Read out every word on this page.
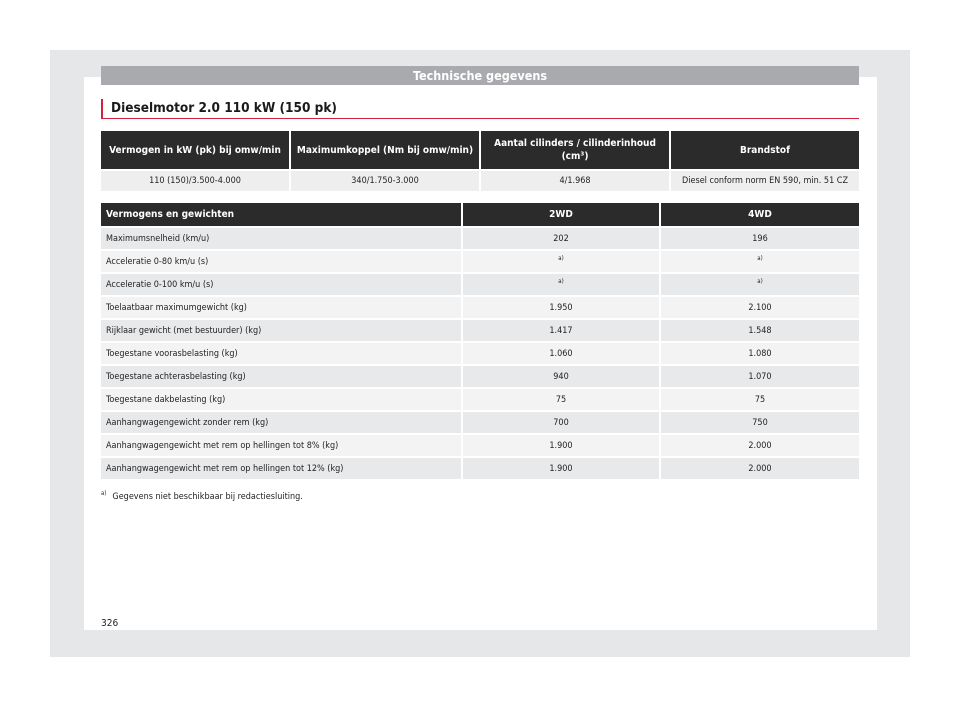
Technische gegevens
Dieselmotor 2.0 110 kW (150 pk)
Vermogen in kW (pk) bij omw/min	Maximumkoppel (Nm bij omw/min)	Aantal cilinders / cilinderinhoud (cm³)	Brandstof
110 (150)/3.500-4.000	340/1.750-3.000	4/1.968	Diesel conform norm EN 590, min. 51 CZ
Vermogens en gewichten	2WD	4WD
Maximumsnelheid (km/u)	202	196
Acceleratie 0-80 km/u (s)	$^{a)}$	$^{a)}$
Acceleratie 0-100 km/u (s)	$^{a)}$	$^{a)}$
Toelaatbaar maximumgewicht (kg)	1.950	2.100
Rijklaar gewicht (met bestuurder) (kg)	1.417	1.548
Toegestane voorasbelasting (kg)	1.060	1.080
Toegestane achterasbelasting (kg)	940	1.070
Toegestane dakbelasting (kg)	75	75
Aanhangwagengewicht zonder rem (kg)	700	750
Aanhangwagengewicht met rem op hellingen tot 8% (kg)	1.900	2.000
Aanhangwagengewicht met rem op hellingen tot 12% (kg)	1.900	2.000
$^{a)}$ Gegevens niet beschikbaar bij redactiesluiting.
326
